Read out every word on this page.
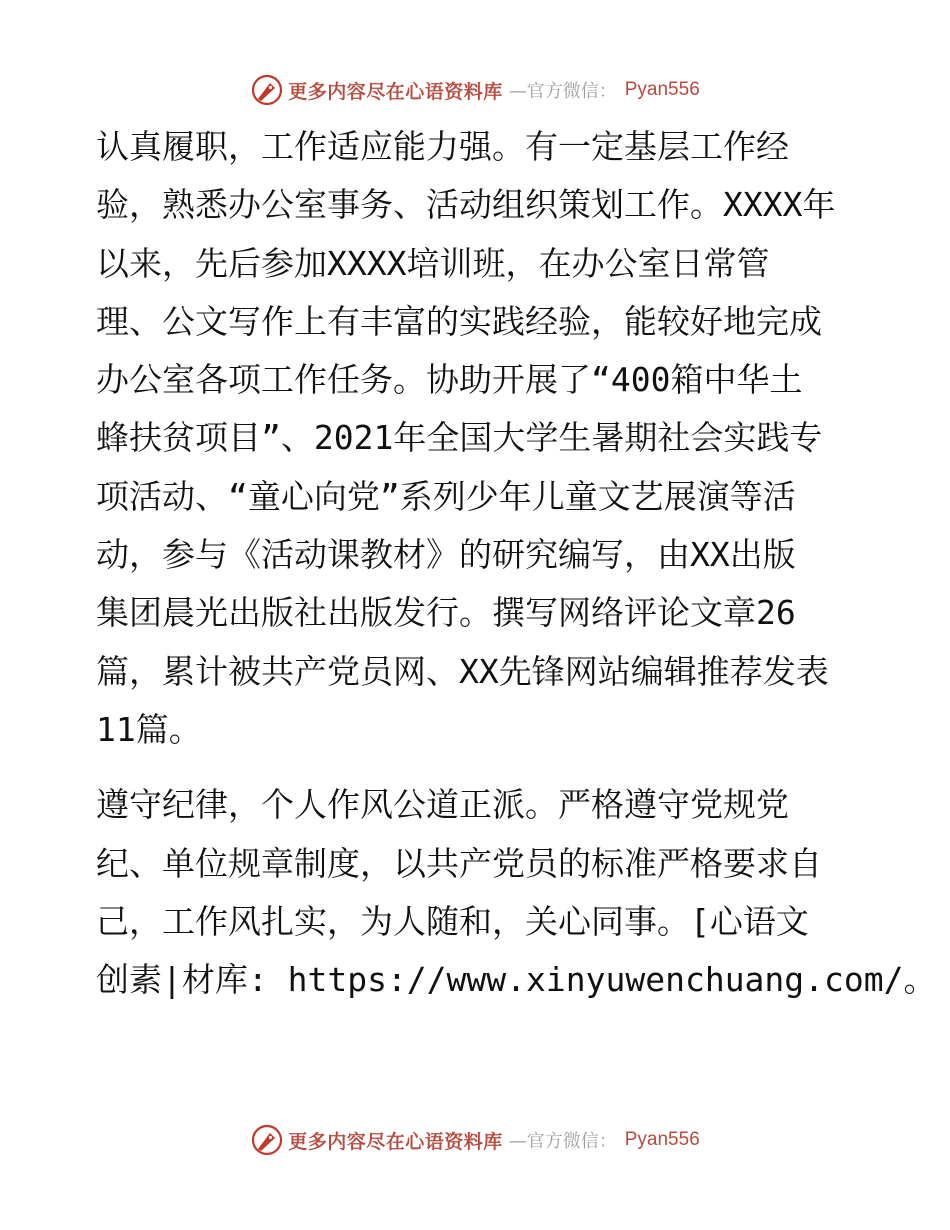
更多内容尽在心语资料库 —官方微信： Pyan556

认真履职，工作适应能力强。有一定基层工作经
验，熟悉办公室事务、活动组织策划工作。XXXX年
以来，先后参加XXXX培训班，在办公室日常管
理、公文写作上有丰富的实践经验，能较好地完成
办公室各项工作任务。协助开展了“400箱中华土
蜂扶贫项目”、2021年全国大学生暑期社会实践专
项活动、“童心向党”系列少年儿童文艺展演等活
动，参与《活动课教材》的研究编写，由XX出版
集团晨光出版社出版发行。撰写网络评论文章26
篇，累计被共产党员网、XX先锋网站编辑推荐发表
11篇。

遵守纪律，个人作风公道正派。严格遵守党规党
纪、单位规章制度，以共产党员的标准严格要求自
己，工作风扎实，为人随和，关心同事。[心语文
创素|材库: https://www.xinyuwenchuang.com/。

更多内容尽在心语资料库 —官方微信： Pyan556
